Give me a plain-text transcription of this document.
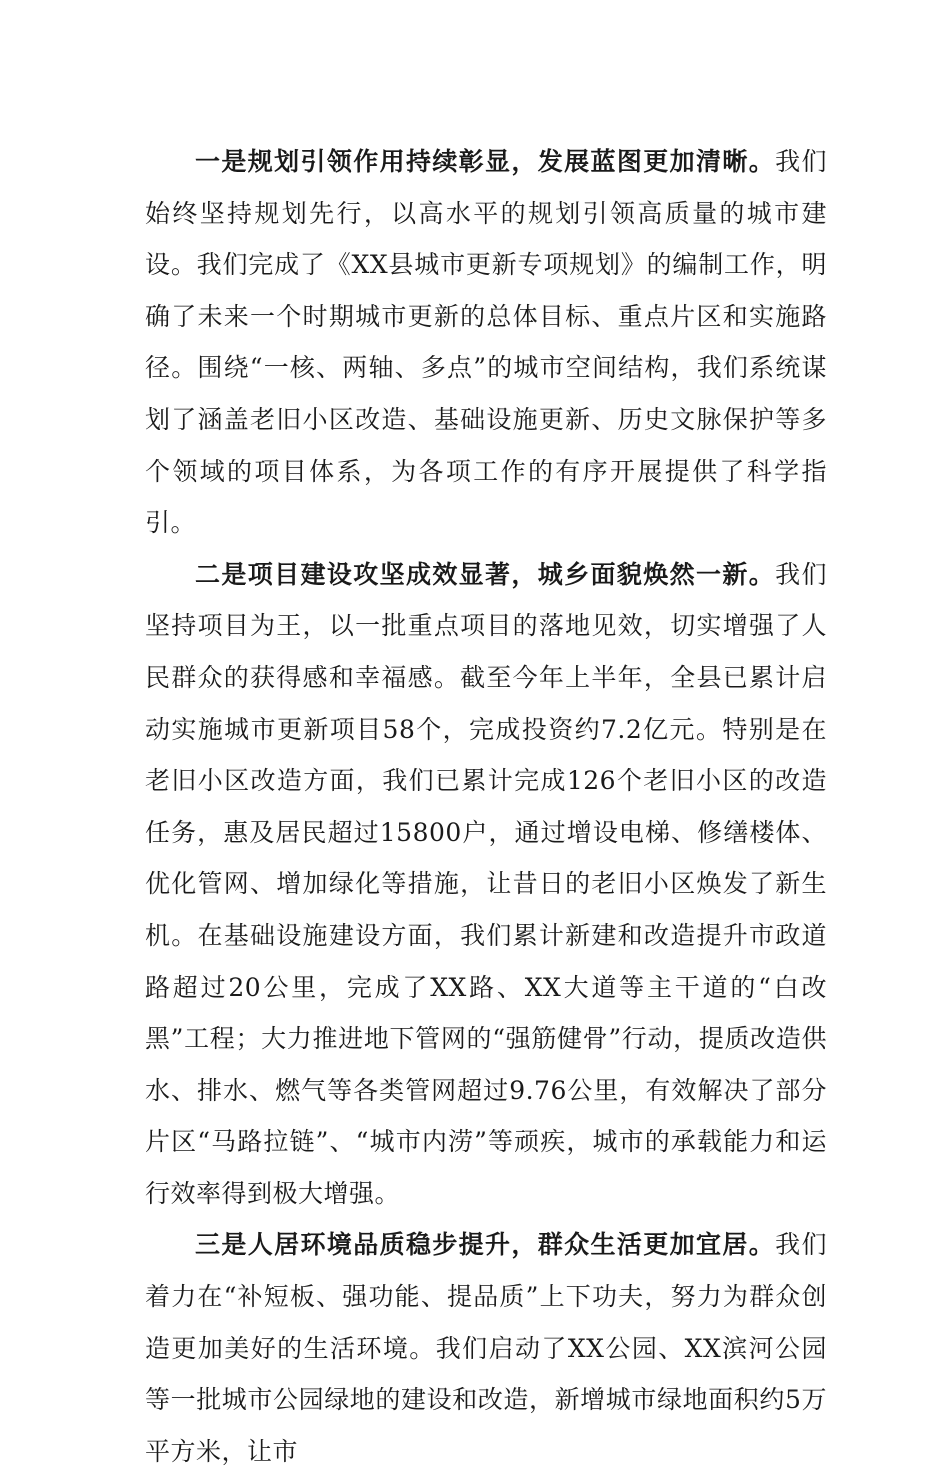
一是规划引领作用持续彰显，发展蓝图更加清晰。我们始终坚持规划先行，以高水平的规划引领高质量的城市建设。我们完成了《XX县城市更新专项规划》的编制工作，明确了未来一个时期城市更新的总体目标、重点片区和实施路径。围绕“一核、两轴、多点”的城市空间结构，我们系统谋划了涵盖老旧小区改造、基础设施更新、历史文脉保护等多个领域的项目体系，为各项工作的有序开展提供了科学指引。

二是项目建设攻坚成效显著，城乡面貌焕然一新。我们坚持项目为王，以一批重点项目的落地见效，切实增强了人民群众的获得感和幸福感。截至今年上半年，全县已累计启动实施城市更新项目58个，完成投资约7.2亿元。特别是在老旧小区改造方面，我们已累计完成126个老旧小区的改造任务，惠及居民超过15800户，通过增设电梯、修缮楼体、优化管网、增加绿化等措施，让昔日的老旧小区焕发了新生机。在基础设施建设方面，我们累计新建和改造提升市政道路超过20公里，完成了XX路、XX大道等主干道的“白改黑”工程；大力推进地下管网的“强筋健骨”行动，提质改造供水、排水、燃气等各类管网超过9.76公里，有效解决了部分片区“马路拉链”、“城市内涝”等顽疾，城市的承载能力和运行效率得到极大增强。

三是人居环境品质稳步提升，群众生活更加宜居。我们着力在“补短板、强功能、提品质”上下功夫，努力为群众创造更加美好的生活环境。我们启动了XX公园、XX滨河公园等一批城市公园绿地的建设和改造，新增城市绿地面积约5万平方米，让市
